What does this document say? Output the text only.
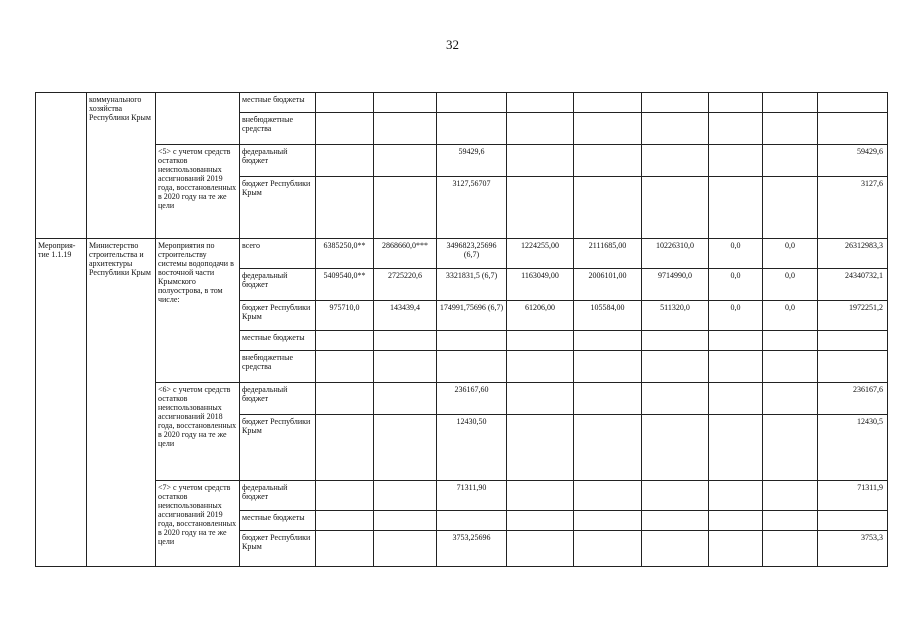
32
	коммунального хозяйства Республики Крым		местные бюджеты									
			внебюджетные средства									
		<5> с учетом средств остатков неиспользованных ассигнований 2019 года, восстановленных в 2020 году на те же цели	федеральный бюджет			59429,6						59429,6
			бюджет Республики Крым			3127,56707						3127,6
Мероприя-тие 1.1.19	Министерство строительства и архитектуры Республики Крым	Мероприятия по строительству системы водоподачи в восточной части Крымского полуострова, в том числе:	всего	6385250,0**	2868660,0***	3496823,25696 (6,7)	1224255,00	2111685,00	10226310,0	0,0	0,0	26312983,3
			федеральный бюджет	5409540,0**	2725220,6	3321831,5 (6,7)	1163049,00	2006101,00	9714990,0	0,0	0,0	24340732,1
			бюджет Республики Крым	975710,0	143439,4	174991,75696 (6,7)	61206,00	105584,00	511320,0	0,0	0,0	1972251,2
			местные бюджеты									
			внебюджетные средства									
		<6> с учетом средств остатков неиспользованных ассигнований 2018 года, восстановленных в 2020 году на те же цели	федеральный бюджет			236167,60						236167,6
			бюджет Республики Крым			12430,50						12430,5
		<7> с учетом средств остатков неиспользованных ассигнований 2019 года, восстановленных в 2020 году на те же цели	федеральный бюджет			71311,90						71311,9
			местные бюджеты									
			бюджет Республики Крым			3753,25696						3753,3
